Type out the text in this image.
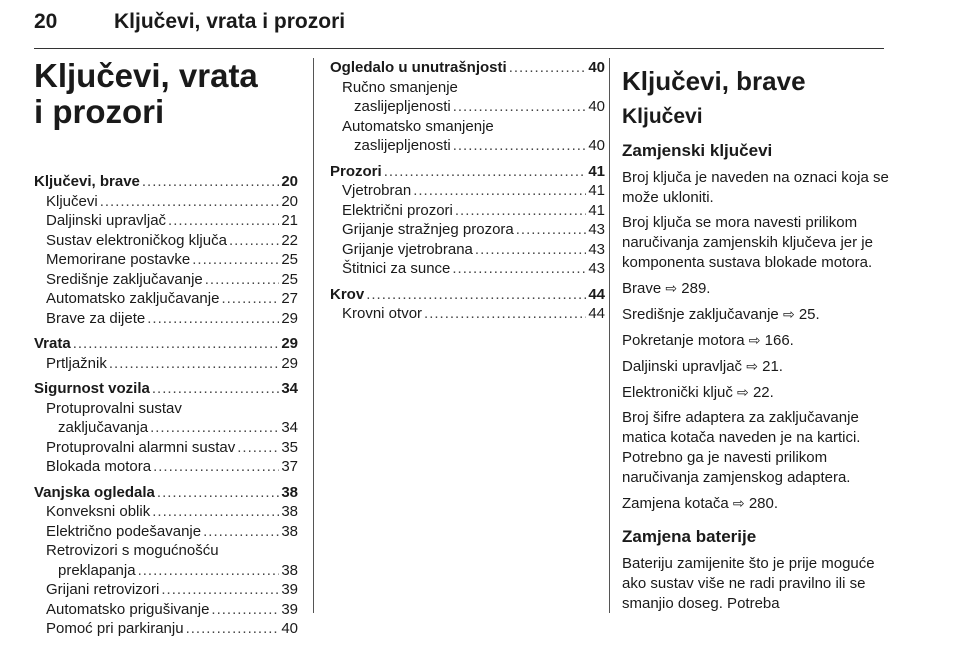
20	Ključevi, vrata i prozori
Ključevi, vrata i prozori
Ključevi, brave .....	20
Ključevi .....	20
Daljinski upravljač .....	21
Sustav elektroničkog ključa .....	22
Memorirane postavke .....	25
Središnje zaključavanje .....	25
Automatsko zaključavanje .....	27
Brave za dijete .....	29
Vrata .....	29
Prtljažnik .....	29
Sigurnost vozila .....	34
Protuprovalni sustav
zaključavanja .....	34
Protuprovalni alarmni sustav .....	35
Blokada motora .....	37
Vanjska ogledala .....	38
Konveksni oblik .....	38
Električno podešavanje .....	38
Retrovizori s mogućnošću
preklapanja .....	38
Grijani retrovizori .....	39
Automatsko prigušivanje .....	39
Pomoć pri parkiranju .....	40
Ogledalo u unutrašnjosti .....	40
Ručno smanjenje
zaslijepljenosti .....	40
Automatsko smanjenje
zaslijepljenosti .....	40
Prozori .....	41
Vjetrobran .....	41
Električni prozori .....	41
Grijanje stražnjeg prozora .....	43
Grijanje vjetrobrana .....	43
Štitnici za sunce .....	43
Krov .....	44
Krovni otvor .....	44
Ključevi, brave
Ključevi
Zamjenski ključevi

Broj ključa je naveden na oznaci koja se može ukloniti.

Broj ključa se mora navesti prilikom naručivanja zamjenskih ključeva jer je komponenta sustava blokade motora.

Brave ⇨ 289.

Središnje zaključavanje ⇨ 25.

Pokretanje motora ⇨ 166.

Daljinski upravljač ⇨ 21.

Elektronički ključ ⇨ 22.

Broj šifre adaptera za zaključavanje matica kotača naveden je na kartici. Potrebno ga je navesti prilikom naručivanja zamjenskog adaptera.

Zamjena kotača ⇨ 280.

Zamjena baterije

Bateriju zamijenite što je prije moguće ako sustav više ne radi pravilno ili se smanjio doseg. Potreba
